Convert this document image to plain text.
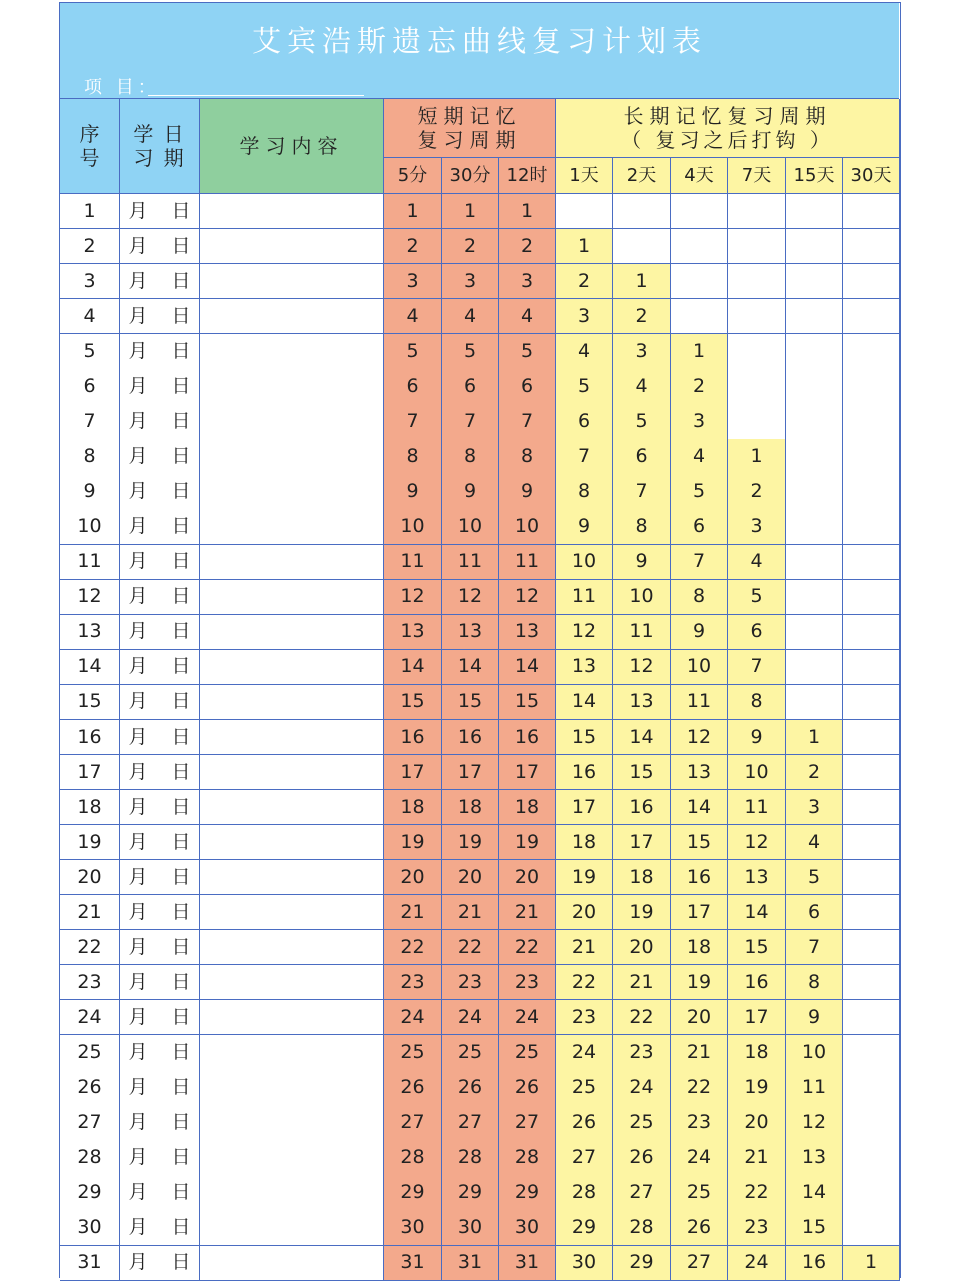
艾宾浩斯遗忘曲线复习计划表
项 目：
序
号
学 日
习 期	学习内容
短期记忆
复习周期
长期记忆复习周期
（ 复习之后打钩 ）
5分	30分 12时	1天	2天	4天	7天	15天 30天
1	月 日	1	1	1
2	月 日	2	2	2	1
3	月 日	3	3	3	2	1
4	月 日	4	4	4	3	2
5	月 日	5	5	5	4	3	1
6	月 日	6	6	6	5	4	2
7	月 日	7	7	7	6	5	3
8	月 日	8	8	8	7	6	4	1
9	月 日	9	9	9	8	7	5	2
10	月 日	10	10	10	9	8	6	3
11	月 日	11	11	11	10	9	7	4
12	月 日	12	12	12	11	10	8	5
13	月 日	13	13	13	12	11	9	6
14	月 日	14	14	14	13	12	10	7
15	月 日	15	15	15	14	13	11	8
16	月 日	16	16	16	15	14	12	9	1
17	月 日	17	17	17	16	15	13	10	2
18	月 日	18	18	18	17	16	14	11	3
19	月 日	19	19	19	18	17	15	12	4
20	月 日	20	20	20	19	18	16	13	5
21	月 日	21	21	21	20	19	17	14	6
22	月 日	22	22	22	21	20	18	15	7
23	月 日	23	23	23	22	21	19	16	8
24	月 日	24	24	24	23	22	20	17	9
25	月 日	25	25	25	24	23	21	18	10
26	月 日	26	26	26	25	24	22	19	11
27	月 日	27	27	27	26	25	23	20	12
28	月 日	28	28	28	27	26	24	21	13
29	月 日	29	29	29	28	27	25	22	14
30	月 日	30	30	30	29	28	26	23	15
31	月 日	31	31	31	30	29	27	24	16	1
